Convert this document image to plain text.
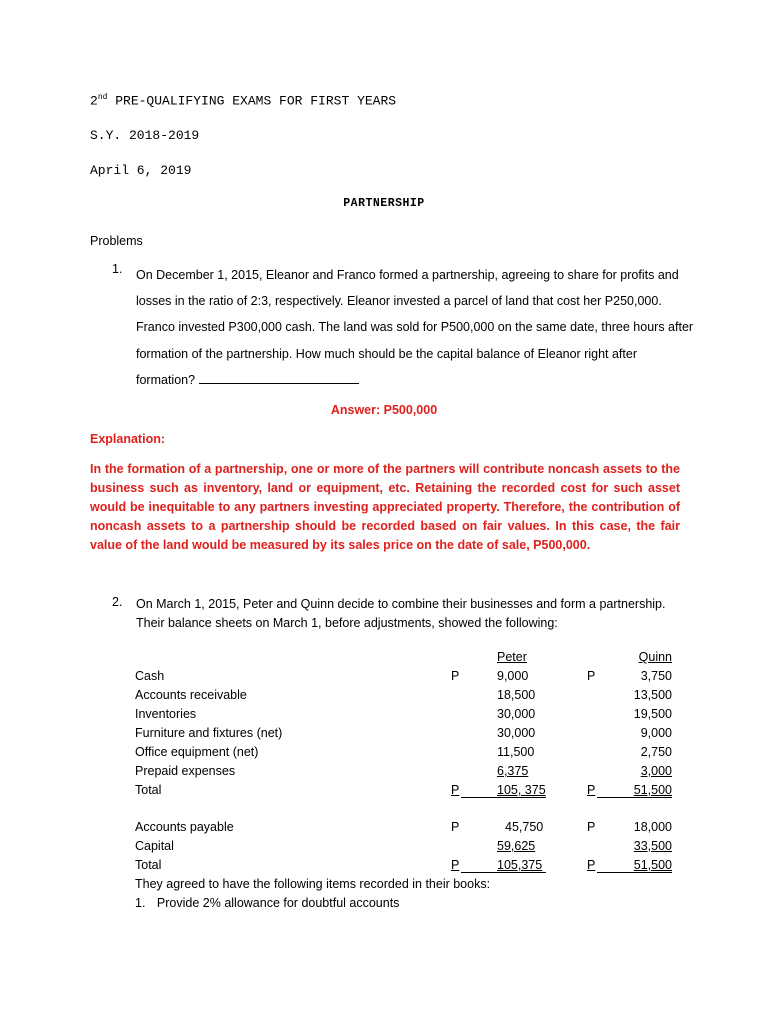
2nd PRE-QUALIFYING EXAMS FOR FIRST YEARS
S.Y. 2018-2019
April 6, 2019
PARTNERSHIP
Problems
1. On December 1, 2015, Eleanor and Franco formed a partnership, agreeing to share for profits and losses in the ratio of 2:3, respectively. Eleanor invested a parcel of land that cost her P250,000. Franco invested P300,000 cash. The land was sold for P500,000 on the same date, three hours after formation of the partnership. How much should be the capital balance of Eleanor right after formation?
Answer: P500,000
Explanation:
In the formation of a partnership, one or more of the partners will contribute noncash assets to the business such as inventory, land or equipment, etc. Retaining the recorded cost for such asset would be inequitable to any partners investing appreciated property. Therefore, the contribution of noncash assets to a partnership should be recorded based on fair values. In this case, the fair value of the land would be measured by its sales price on the date of sale, P500,000.
2. On March 1, 2015, Peter and Quinn decide to combine their businesses and form a partnership. Their balance sheets on March 1, before adjustments, showed the following:
Peter	Quinn
Cash	P	9,000	P	3,750
Accounts receivable	18,500	13,500
Inventories	30,000	19,500
Furniture and fixtures (net)	30,000	9,000
Office equipment (net)	11,500	2,750
Prepaid expenses	6,375	3,000
Total	P	105, 375	P	51,500
Accounts payable	P	45,750	P	18,000
Capital	59,625	33,500
Total	P	105,375	P	51,500
They agreed to have the following items recorded in their books:
1. Provide 2% allowance for doubtful accounts
